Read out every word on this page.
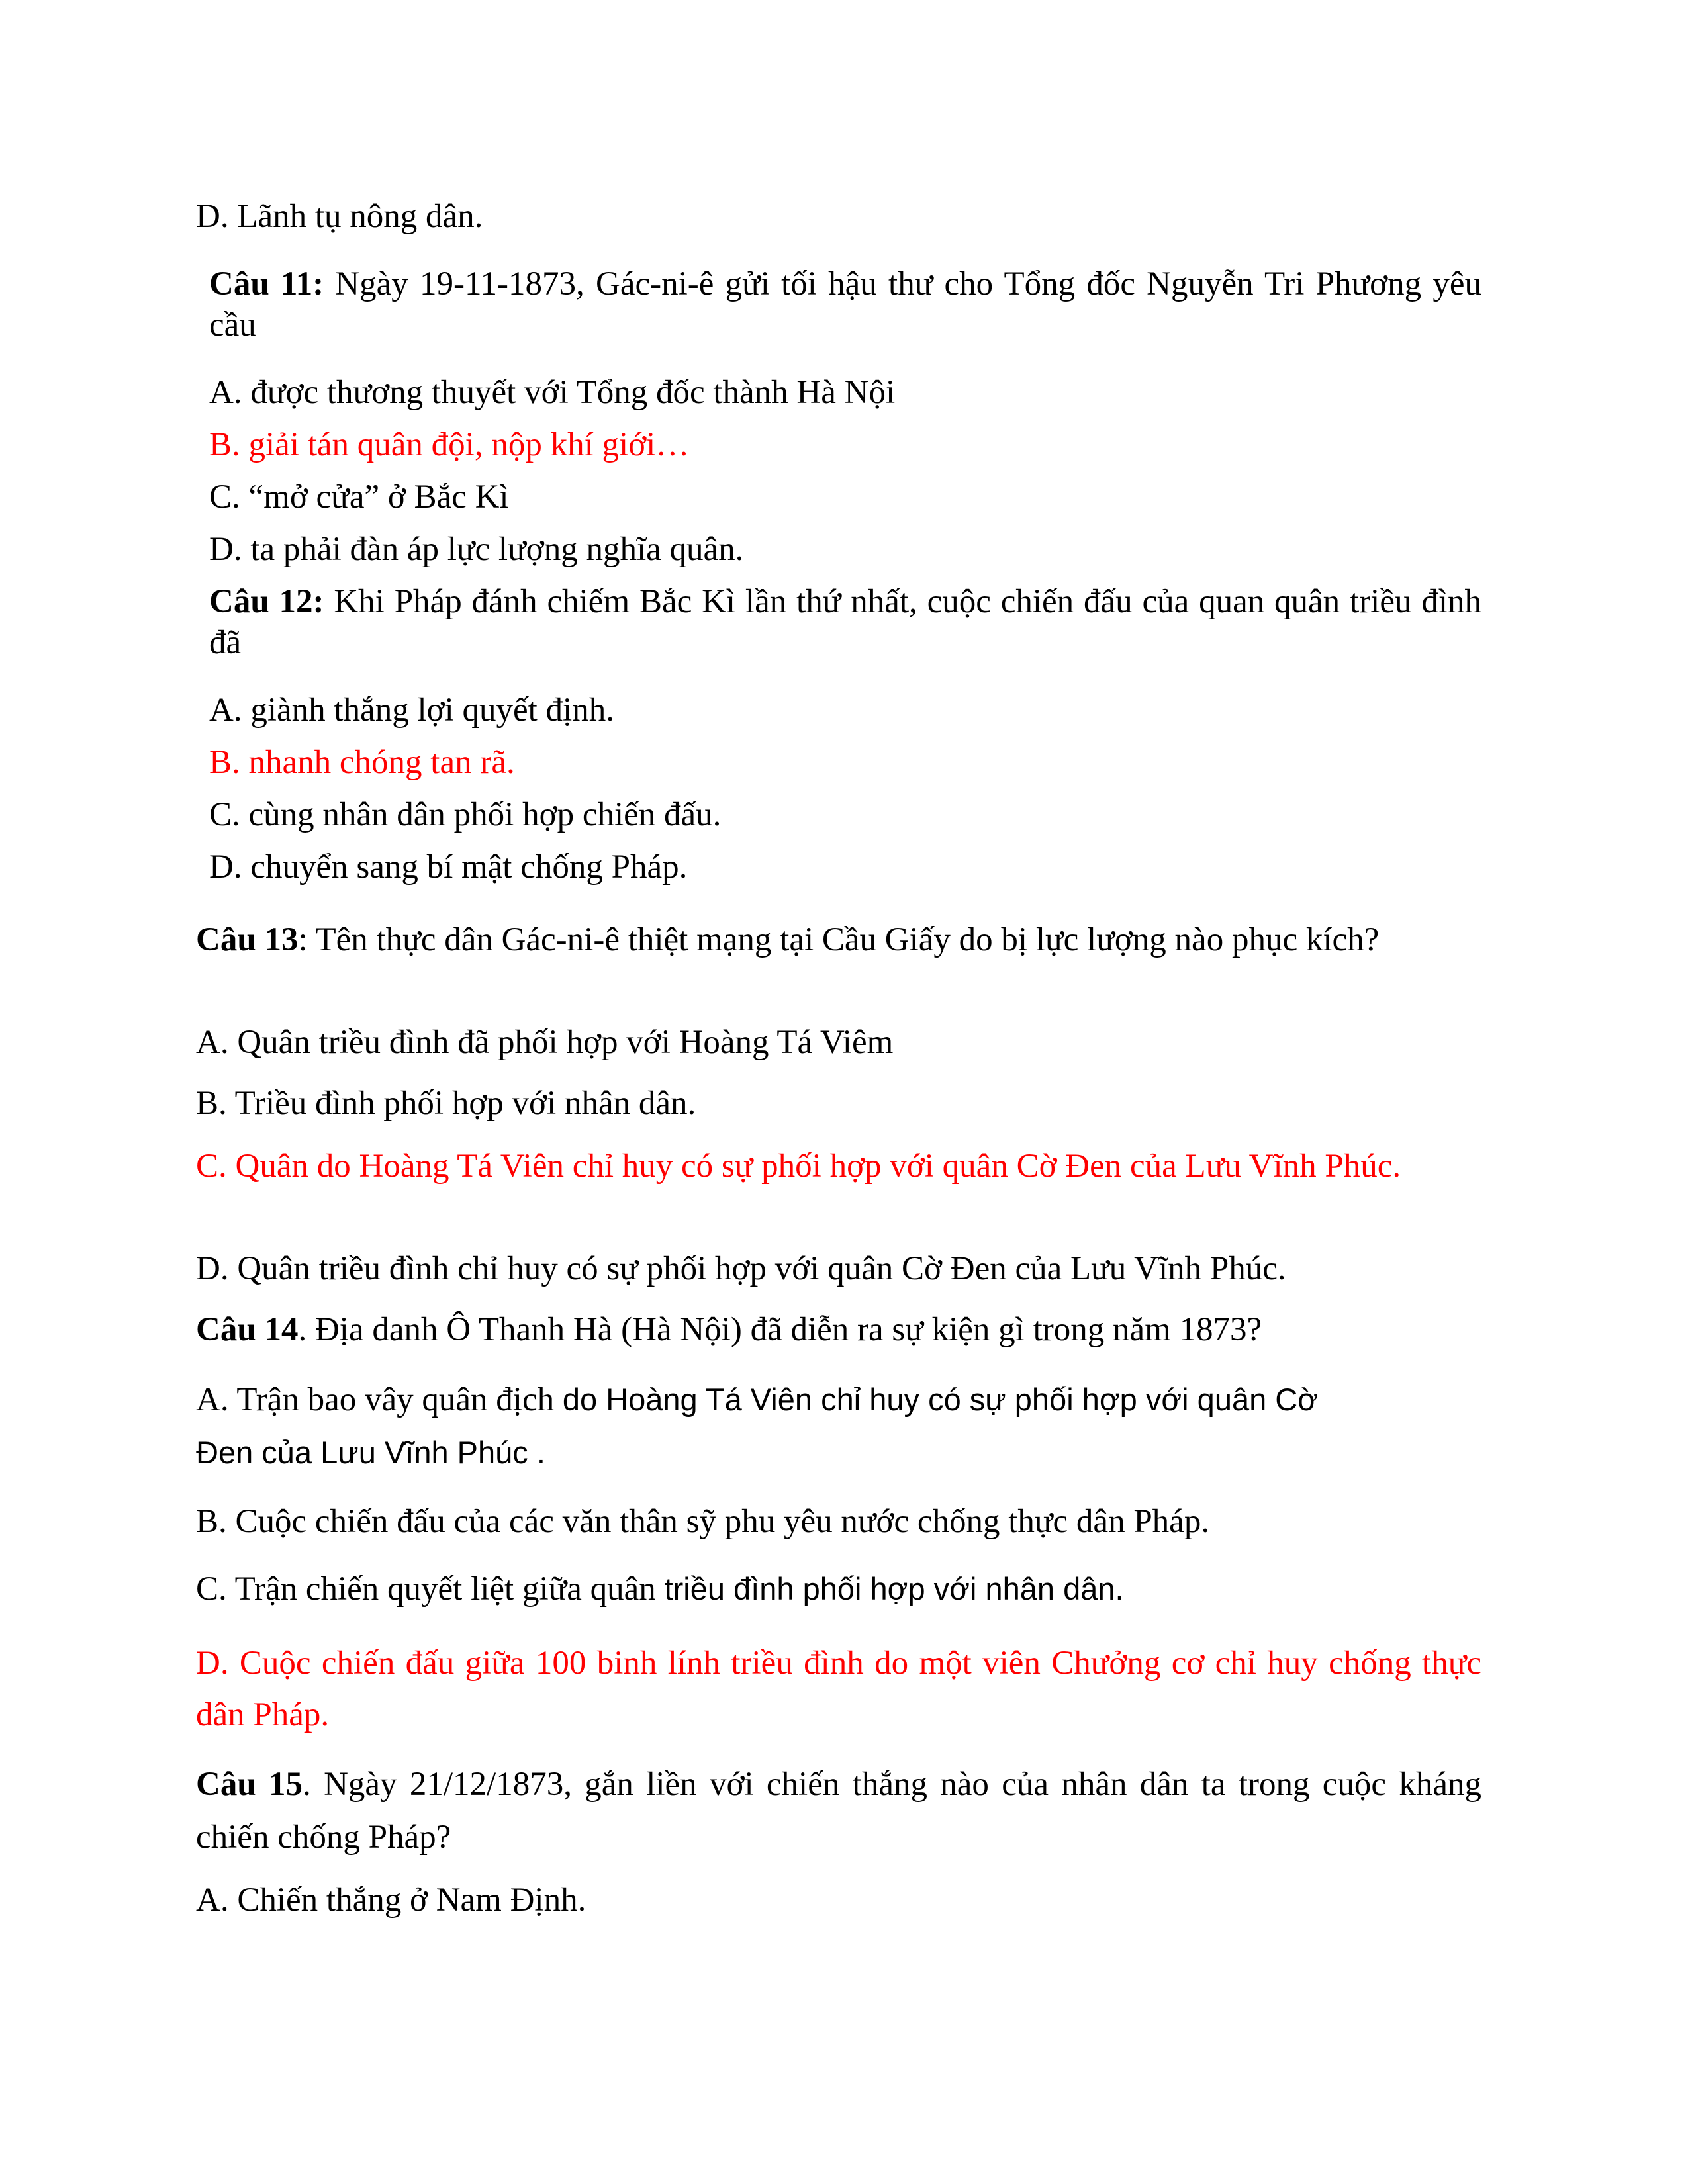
D. Lãnh tụ nông dân.
Câu 11: Ngày 19-11-1873, Gác-ni-ê gửi tối hậu thư cho Tổng đốc Nguyễn Tri Phương yêu cầu
A. được thương thuyết với Tổng đốc thành Hà Nội
B. giải tán quân đội, nộp khí giới…
C. “mở cửa” ở Bắc Kì
D. ta phải đàn áp lực lượng nghĩa quân.
Câu 12: Khi Pháp đánh chiếm Bắc Kì lần thứ nhất, cuộc chiến đấu của quan quân triều đình đã
A. giành thắng lợi quyết định.
B. nhanh chóng tan rã.
C. cùng nhân dân phối hợp chiến đấu.
D. chuyển sang bí mật chống Pháp.
Câu 13: Tên thực dân Gác-ni-ê thiệt mạng tại Cầu Giấy do bị lực lượng nào phục kích?
A. Quân triều đình đã phối hợp với Hoàng Tá Viêm
B. Triều đình phối hợp với nhân dân.
C. Quân do Hoàng Tá Viên chỉ huy có sự phối hợp với quân Cờ Đen của Lưu Vĩnh Phúc.
D. Quân triều đình chỉ huy có sự phối hợp với quân Cờ Đen của Lưu Vĩnh Phúc.
Câu 14. Địa danh Ô Thanh Hà (Hà Nội) đã diễn ra sự kiện gì trong năm 1873?
A. Trận bao vây quân địch do Hoàng Tá Viên chỉ huy có sự phối hợp với quân Cờ
Đen của Lưu Vĩnh Phúc .
B. Cuộc chiến đấu của các văn thân sỹ phu yêu nước chống thực dân Pháp.
C. Trận chiến quyết liệt giữa quân triều đình phối hợp với nhân dân.
D. Cuộc chiến đấu giữa 100 binh lính triều đình do một viên Chưởng cơ chỉ huy chống thực dân Pháp.
Câu 15. Ngày 21/12/1873, gắn liền với chiến thắng nào của nhân dân ta trong cuộc kháng chiến chống Pháp?
A. Chiến thắng ở Nam Định.
